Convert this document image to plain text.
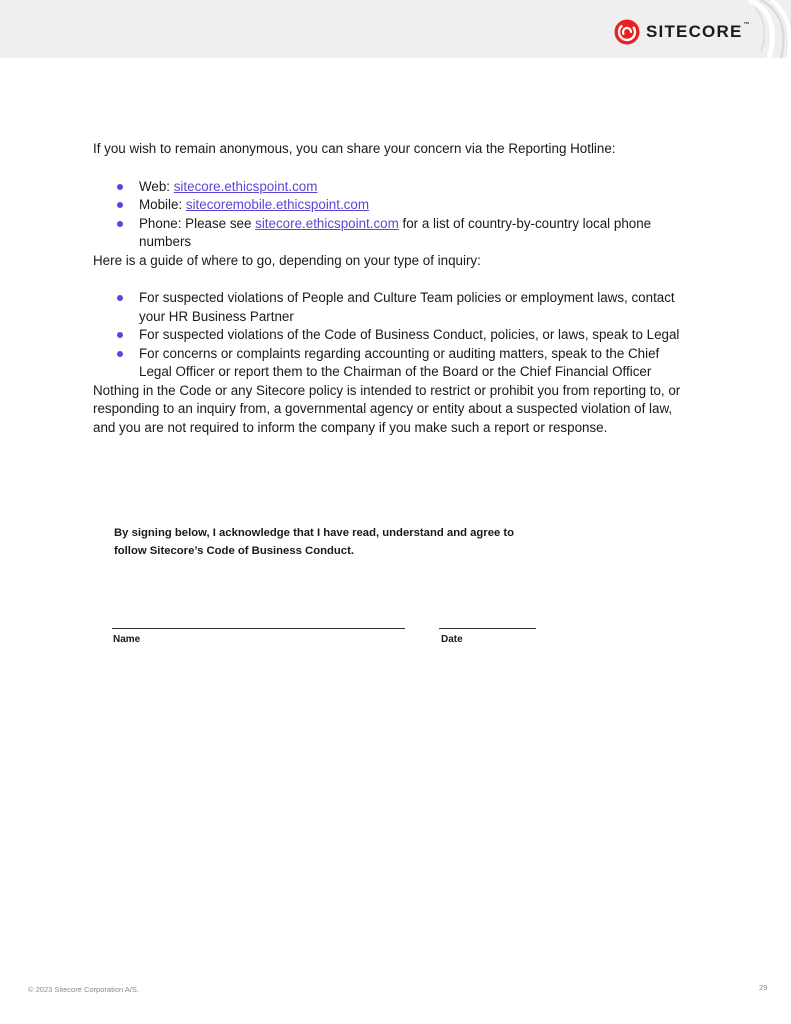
SITECORE™

If you wish to remain anonymous, you can share your concern via the Reporting Hotline:

Web: sitecore.ethicspoint.com
Mobile: sitecoremobile.ethicspoint.com
Phone: Please see sitecore.ethicspoint.com for a list of country-by-country local phone numbers

Here is a guide of where to go, depending on your type of inquiry:

For suspected violations of People and Culture Team policies or employment laws, contact your HR Business Partner
For suspected violations of the Code of Business Conduct, policies, or laws, speak to Legal
For concerns or complaints regarding accounting or auditing matters, speak to the Chief Legal Officer or report them to the Chairman of the Board or the Chief Financial Officer

Nothing in the Code or any Sitecore policy is intended to restrict or prohibit you from reporting to, or responding to an inquiry from, a governmental agency or entity about a suspected violation of law, and you are not required to inform the company if you make such a report or response.

By signing below, I acknowledge that I have read, understand and agree to follow Sitecore’s Code of Business Conduct.
Name	Date
© 2023 Sitecore Corporation A/S.	29
